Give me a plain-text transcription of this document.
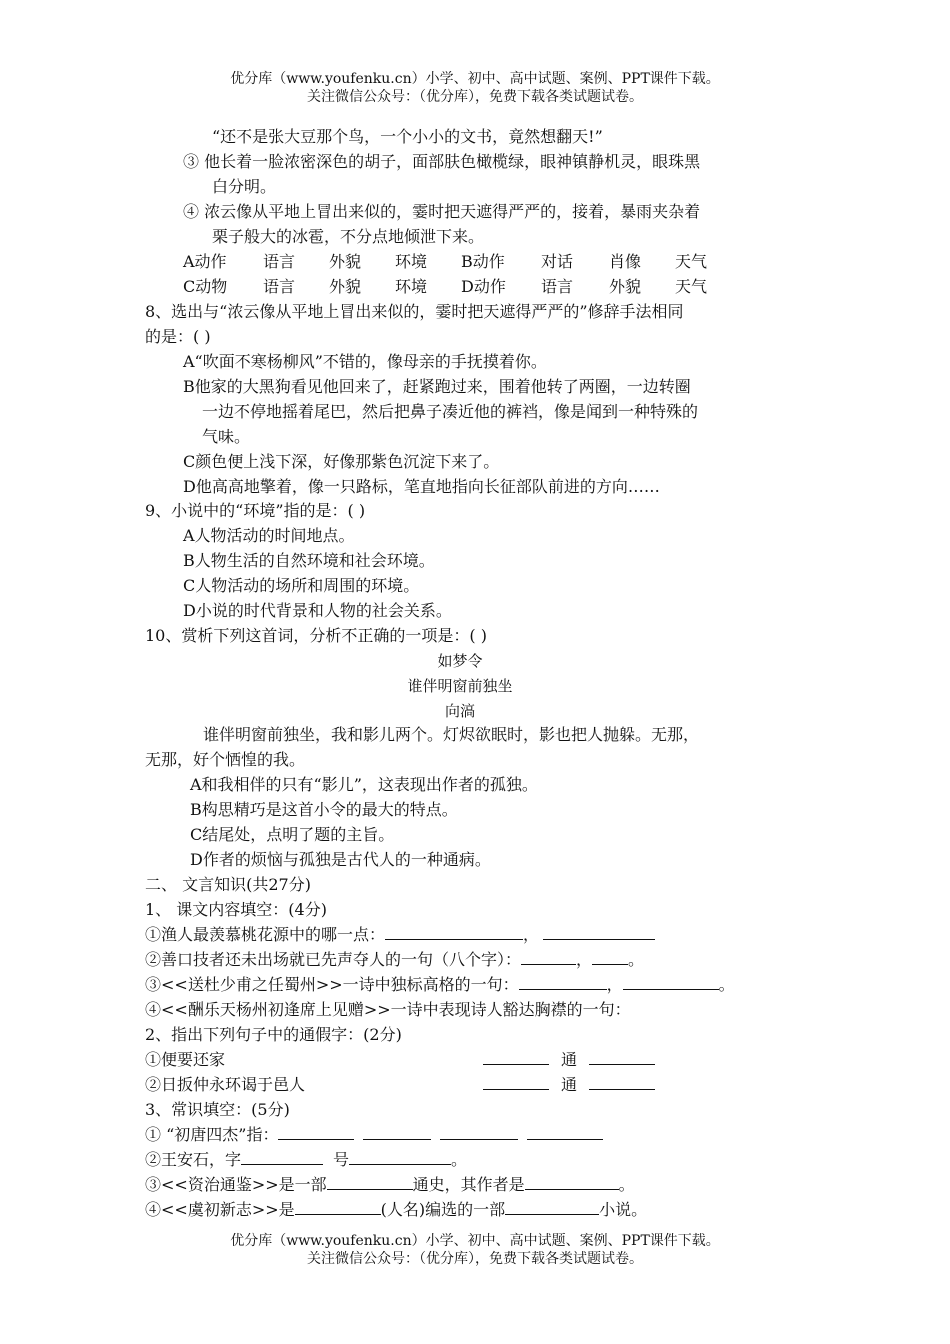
优分库（www.youfenku.cn）小学、初中、高中试题、案例、PPT课件下载。
关注微信公众号：（优分库），免费下载各类试题试卷。
“还不是张大豆那个鸟，一个小小的文书，竟然想翻天!”
③ 他长着一脸浓密深色的胡子，面部肤色橄榄绿，眼神镇静机灵，眼珠黑
白分明。
④ 浓云像从平地上冒出来似的，霎时把天遮得严严的，接着，暴雨夹杂着
栗子般大的冰雹，不分点地倾泄下来。
A动作 语言 外貌 环境 B动作 对话 肖像 天气
C动物 语言 外貌 环境 D动作 语言 外貌 天气
8、选出与“浓云像从平地上冒出来似的，霎时把天遮得严严的”修辞手法相同
的是：( )
A“吹面不寒杨柳风”不错的，像母亲的手抚摸着你。
B他家的大黑狗看见他回来了，赶紧跑过来，围着他转了两圈，一边转圈
一边不停地摇着尾巴，然后把鼻子凑近他的裤裆，像是闻到一种特殊的
气味。
C颜色便上浅下深，好像那紫色沉淀下来了。
D他高高地擎着，像一只路标，笔直地指向长征部队前进的方向……
9、小说中的“环境”指的是：( )
A人物活动的时间地点。
B人物生活的自然环境和社会环境。
C人物活动的场所和周围的环境。
D小说的时代背景和人物的社会关系。
10、赏析下列这首词，分析不正确的一项是：( )
如梦令
谁伴明窗前独坐
向滈
谁伴明窗前独坐，我和影儿两个。灯烬欲眠时，影也把人抛躲。无那，
无那，好个恓惶的我。
A和我相伴的只有“影儿”，这表现出作者的孤独。
B构思精巧是这首小令的最大的特点。
C结尾处，点明了题的主旨。
D作者的烦恼与孤独是古代人的一种通病。
二、 文言知识(共27分)
1、 课文内容填空：(4分)
①渔人最羡慕桃花源中的哪一点：	，
②善口技者还未出场就已先声夺人的一句（八个字）：	， 。
③<<送杜少甫之任蜀州>>一诗中独标高格的一句：	，	。
④<<酬乐天杨州初逢席上见赠>>一诗中表现诗人豁达胸襟的一句：
2、指出下列句子中的通假字：(2分)
①便要还家	通
②日扳仲永环谒于邑人	通
3、常识填空：(5分)
① “初唐四杰”指：
②王安石，字	号	。
③<<资治通鉴>>是一部	通史，其作者是	。
④<<虞初新志>>是	(人名)编选的一部	小说。
优分库（www.youfenku.cn）小学、初中、高中试题、案例、PPT课件下载。
关注微信公众号：（优分库），免费下载各类试题试卷。
